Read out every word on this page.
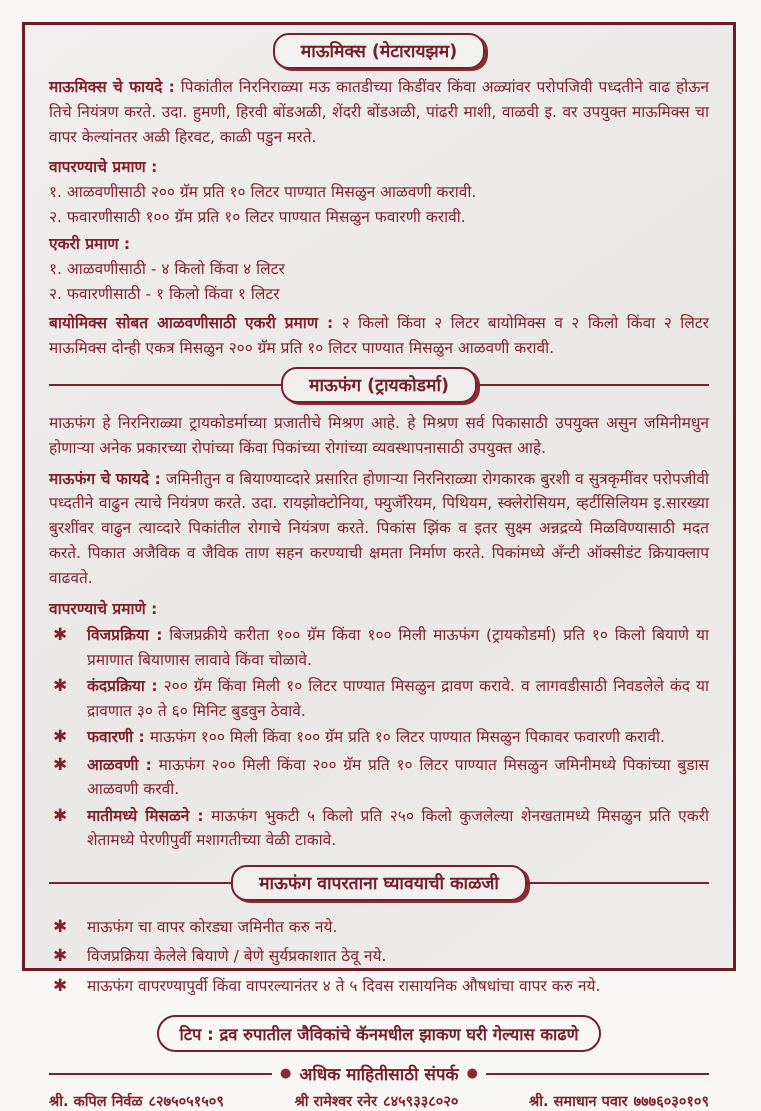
माऊमिक्स (मेटारायझम)

माऊमिक्स चे फायदे : पिकांतील निरनिराळ्या मऊ कातडीच्या किडींवर किंवा अळ्यांवर परोपजिवी पध्दतीने वाढ होऊन तिचे नियंत्रण करते. उदा. हुमणी, हिरवी बोंडअळी, शेंदरी बोंडअळी, पांढरी माशी, वाळवी इ. वर उपयुक्त माऊमिक्स चा वापर केल्यांनतर अळी हिरवट, काळी पडुन मरते.

वापरण्याचे प्रमाण :
१. आळवणीसाठी २०० ग्रॅम प्रति १० लिटर पाण्यात मिसळुन आळवणी करावी.
२. फवारणीसाठी १०० ग्रॅम प्रति १० लिटर पाण्यात मिसळुन फवारणी करावी.
एकरी प्रमाण :
१. आळवणीसाठी - ४ किलो किंवा ४ लिटर
२. फवारणीसाठी - १ किलो किंवा १ लिटर

बायोमिक्स सोबत आळवणीसाठी एकरी प्रमाण : २ किलो किंवा २ लिटर बायोमिक्स व २ किलो किंवा २ लिटर माऊमिक्स दोन्ही एकत्र मिसळुन २०० ग्रॅम प्रति १० लिटर पाण्यात मिसळुन आळवणी करावी.

माऊफंग (ट्रायकोडर्मा)

माऊफंग हे निरनिराळ्या ट्रायकोडर्माच्या प्रजातीचे मिश्रण आहे. हे मिश्रण सर्व पिकासाठी उपयुक्त असुन जमिनीमधुन होणाऱ्या अनेक प्रकारच्या रोपांच्या किंवा पिकांच्या रोगांच्या व्यवस्थापनासाठी उपयुक्त आहे.

माऊफंग चे फायदे : जमिनीतुन व बियाण्याव्दारे प्रसारित होणाऱ्या निरनिराळ्या रोगकारक बुरशी व सुत्रकृमींवर परोपजीवी पध्दतीने वाढुन त्याचे नियंत्रण करते. उदा. रायझोक्टोनिया, फ्युजॅरियम, पिथियम, स्क्लेरोसियम, व्हर्टीसिलियम इ.सारख्या बुरशींवर वाढुन त्याव्दारे पिकांतील रोगाचे नियंत्रण करते. पिकांस झिंक व इतर सुक्ष्म अन्नद्रव्ये मिळविण्यासाठी मदत करते. पिकात अजैविक व जैविक ताण सहन करण्याची क्षमता निर्माण करते. पिकांमध्ये अँन्टी ऑक्सीडंट क्रियाक्लाप वाढवते.

वापरण्याचे प्रमाणे :
✱	विजप्रक्रिया : बिजप्रक्रीये करीता १०० ग्रॅम किंवा १०० मिली माऊफंग (ट्रायकोडर्मा) प्रति १० किलो बियाणे या प्रमाणात बियाणास लावावे किंवा चोळावे.
✱	कंदप्रक्रिया : २०० ग्रॅम किंवा मिली १० लिटर पाण्यात मिसळुन द्रावण करावे. व लागवडीसाठी निवडलेले कंद या द्रावणात ३० ते ६० मिनिट बुडवुन ठेवावे.
✱	फवारणी : माऊफंग १०० मिली किंवा १०० ग्रॅम प्रति १० लिटर पाण्यात मिसळुन पिकावर फवारणी करावी.
✱	आळवणी : माऊफंग २०० मिली किंवा २०० ग्रॅम प्रति १० लिटर पाण्यात मिसळुन जमिनीमध्ये पिकांच्या बुडास आळवणी करवी.
✱	मातीमध्ये मिसळने : माऊफंग भुकटी ५ किलो प्रति २५० किलो कुजलेल्या शेनखतामध्ये मिसळुन प्रति एकरी शेतामध्ये पेरणीपुर्वी मशागतीच्या वेळी टाकावे.
माऊफंग वापरताना घ्यावयाची काळजी
✱	माऊफंग चा वापर कोरड्या जमिनीत करु नये.
✱	विजप्रक्रिया केलेले बियाणे / बेणे सुर्यप्रकाशात ठेवू नये.
✱	माऊफंग वापरण्यापुर्वी किंवा वापरल्यानंतर ४ ते ५ दिवस रासायनिक औषधांचा वापर करु नये.
टिप : द्रव रुपातील जैविकांचे कॅनमधील झाकण घरी गेल्यास काढणे
● अधिक माहितीसाठी संपर्क ●
श्री. कपिल निर्वळ ८२७५०५१५०९	श्री रामेश्वर रनेर ८४५९३३८०२०	श्री. समाधान पवार ७७७६०३०१०९
